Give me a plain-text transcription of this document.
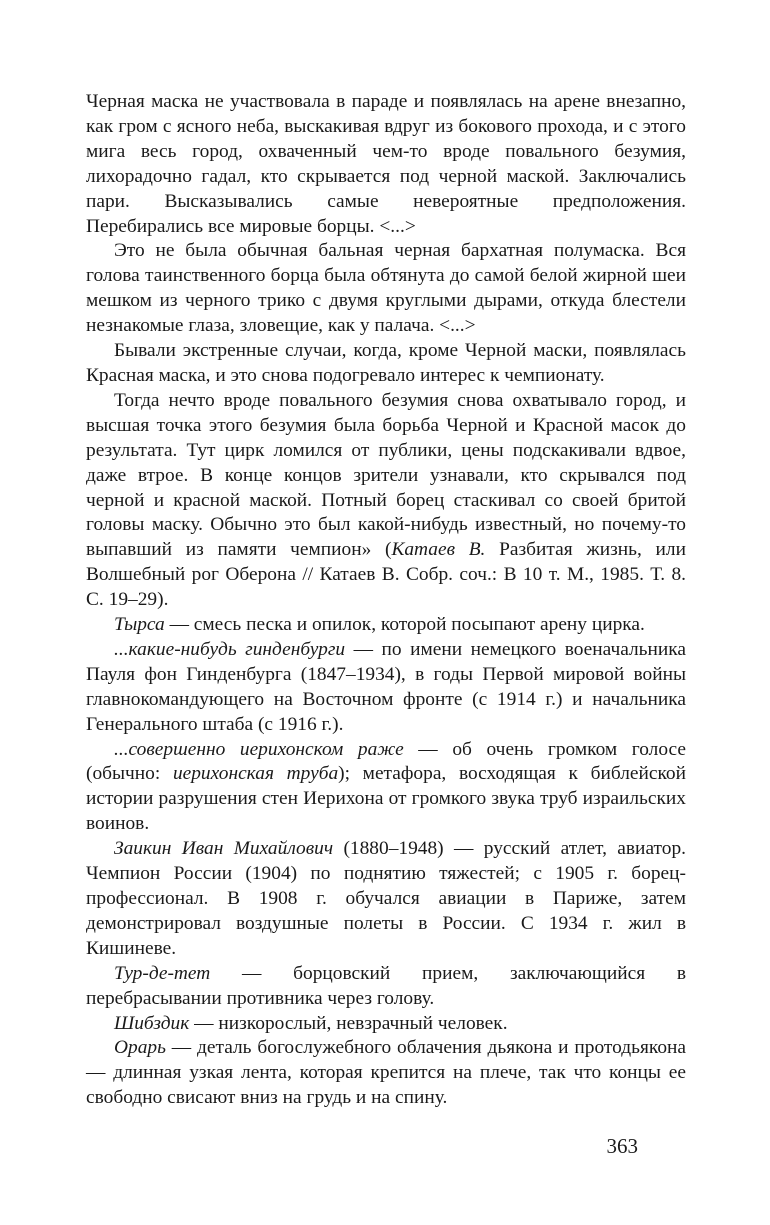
Черная маска не участвовала в параде и появлялась на арене внезапно, как гром с ясного неба, выскакивая вдруг из бокового прохода, и с этого мига весь город, охваченный чем-то вроде повального безумия, лихорадочно гадал, кто скрывается под черной маской. Заключались пари. Высказывались самые невероятные предположения. Перебирались все мировые борцы. <...>

Это не была обычная бальная черная бархатная полумаска. Вся голова таинственного борца была обтянута до самой белой жирной шеи мешком из черного трико с двумя круглыми дырами, откуда блестели незнакомые глаза, зловещие, как у палача. <...>

Бывали экстренные случаи, когда, кроме Черной маски, появлялась Красная маска, и это снова подогревало интерес к чемпионату.

Тогда нечто вроде повального безумия снова охватывало город, и высшая точка этого безумия была борьба Черной и Красной масок до результата. Тут цирк ломился от публики, цены подскакивали вдвое, даже втрое. В конце концов зрители узнавали, кто скрывался под черной и красной маской. Потный борец стаскивал со своей бритой головы маску. Обычно это был какой-нибудь известный, но почему-то выпавший из памяти чемпион» (Катаев В. Разбитая жизнь, или Волшебный рог Оберона // Катаев В. Собр. соч.: В 10 т. М., 1985. Т. 8. С. 19–29).

Тырса — смесь песка и опилок, которой посыпают арену цирка.

...какие-нибудь гинденбурги — по имени немецкого военачальника Пауля фон Гинденбурга (1847–1934), в годы Первой мировой войны главнокомандующего на Восточном фронте (с 1914 г.) и начальника Генерального штаба (с 1916 г.).

...совершенно иерихонском раже — об очень громком голосе (обычно: иерихонская труба); метафора, восходящая к библейской истории разрушения стен Иерихона от громкого звука труб израильских воинов.

Заикин Иван Михайлович (1880–1948) — русский атлет, авиатор. Чемпион России (1904) по поднятию тяжестей; с 1905 г. борец-профессионал. В 1908 г. обучался авиации в Париже, затем демонстрировал воздушные полеты в России. С 1934 г. жил в Кишиневе.

Тур-де-тет — борцовский прием, заключающийся в перебрасывании противника через голову.

Шибздик — низкорослый, невзрачный человек.

Орарь — деталь богослужебного облачения дьякона и протодьякона — длинная узкая лента, которая крепится на плече, так что концы ее свободно свисают вниз на грудь и на спину.

363
